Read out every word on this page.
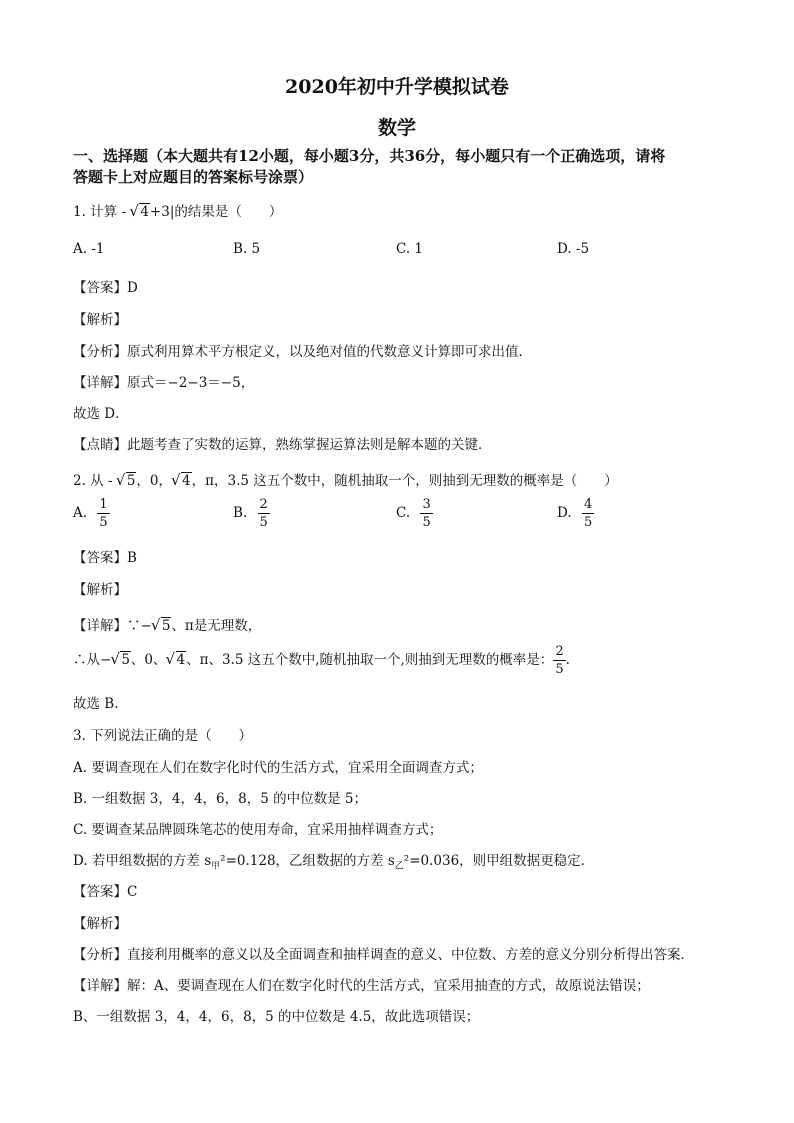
2020年初中升学模拟试卷
数学
一、选择题（本大题共有12小题，每小题3分，共36分，每小题只有一个正确选项，请将
答题卡上对应题目的答案标号涂票）
1. 计算 - √ 4+3|的结果是（　　）
A. -1	B. 5	C. 1	D. -5
【答案】D
【解析】
【分析】原式利用算术平方根定义，以及绝对值的代数意义计算即可求出值．
【详解】原式＝−2−3＝−5，
故选 D．
【点睛】此题考查了实数的运算，熟练掌握运算法则是解本题的关键．
2. 从 - √ 5，0， √ 4，π，3.5 这五个数中，随机抽取一个，则抽到无理数的概率是（　　）
A. $\frac{1}{5}$	B. $\frac{2}{5}$	C. $\frac{3}{5}$	D. $\frac{4}{5}$
【答案】B
【解析】
【详解】∵− √ 5、π是无理数，
∴从− √ 5、0、 √ 4、π、3.5 这五个数中,随机抽取一个,则抽到无理数的概率是： $\frac{2}{5}$ .
故选 B.
3. 下列说法正确的是（　　）
A. 要调查现在人们在数字化时代的生活方式，宜采用全面调查方式；
B. 一组数据 3，4，4，6，8，5 的中位数是 5；
C. 要调查某品牌圆珠笔芯的使用寿命，宜采用抽样调查方式；
D. 若甲组数据的方差 $s_甲^2=0.128$，乙组数据的方差 $s_乙^2=0.036$，则甲组数据更稳定．
【答案】C
【解析】
【分析】直接利用概率的意义以及全面调查和抽样调查的意义、中位数、方差的意义分别分析得出答案．
【详解】解：A、要调查现在人们在数字化时代的生活方式，宜采用抽查的方式，故原说法错误；
B、一组数据 3，4，4，6，8，5 的中位数是 4.5，故此选项错误；
